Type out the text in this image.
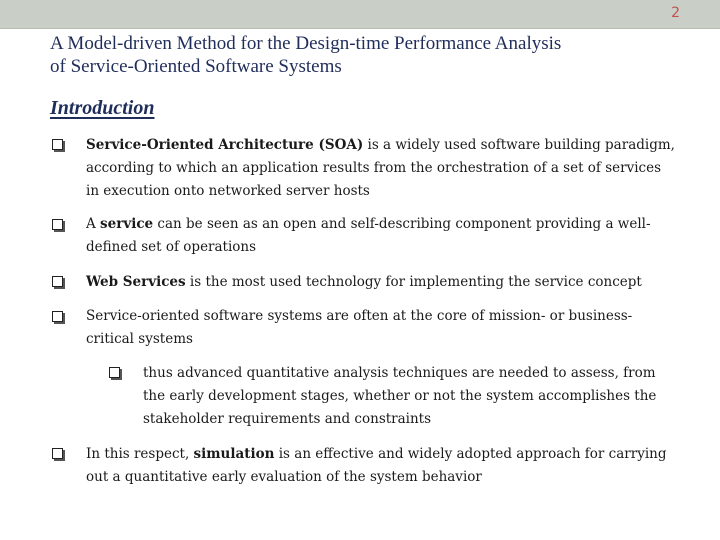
2
A Model-driven Method for the Design-time Performance Analysis
of Service-Oriented Software Systems
Introduction
Service-Oriented Architecture (SOA) is a widely used software building paradigm,
according to which an application results from the orchestration of a set of services
in execution onto networked server hosts
A service can be seen as an open and self-describing component providing a well-
defined set of operations
Web Services is the most used technology for implementing the service concept
Service-oriented software systems are often at the core of mission- or business-
critical systems
thus advanced quantitative analysis techniques are needed to assess, from
the early development stages, whether or not the system accomplishes the
stakeholder requirements and constraints
In this respect, simulation is an effective and widely adopted approach for carrying
out a quantitative early evaluation of the system behavior
